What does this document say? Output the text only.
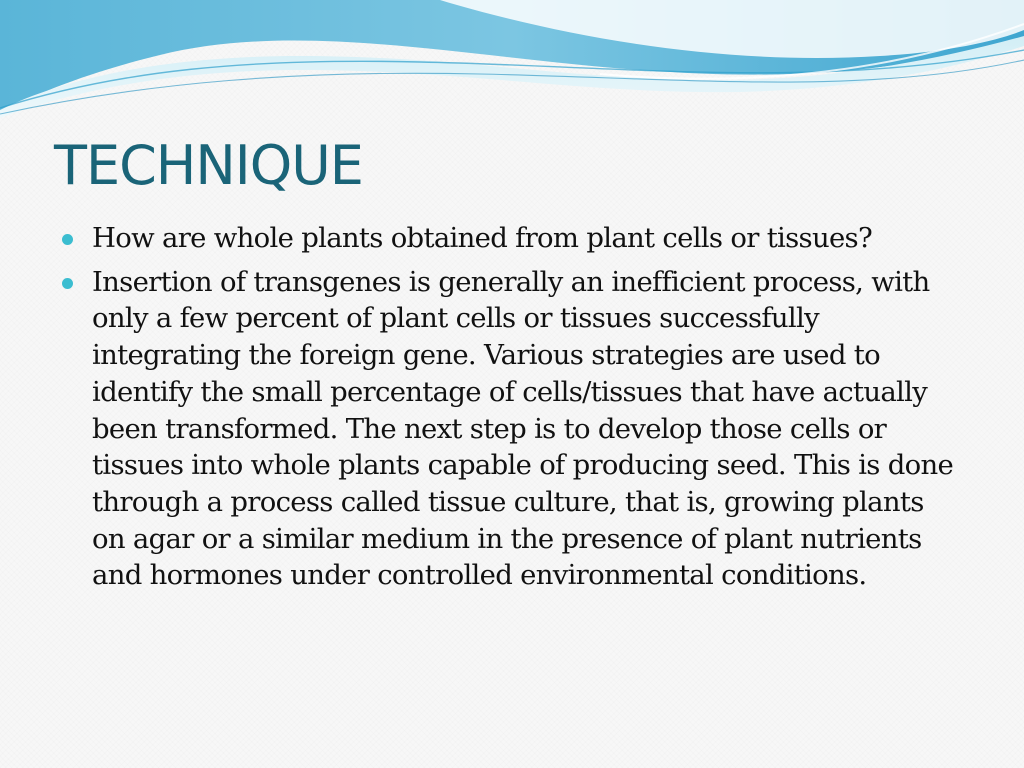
TECHNIQUE
How are whole plants obtained from plant cells or tissues?
Insertion of transgenes is generally an inefficient process, with only a few percent of plant cells or tissues successfully integrating the foreign gene. Various strategies are used to identify the small percentage of cells/tissues that have actually been transformed. The next step is to develop those cells or tissues into whole plants capable of producing seed. This is done through a process called tissue culture, that is, growing plants on agar or a similar medium in the presence of plant nutrients and hormones under controlled environmental conditions.
